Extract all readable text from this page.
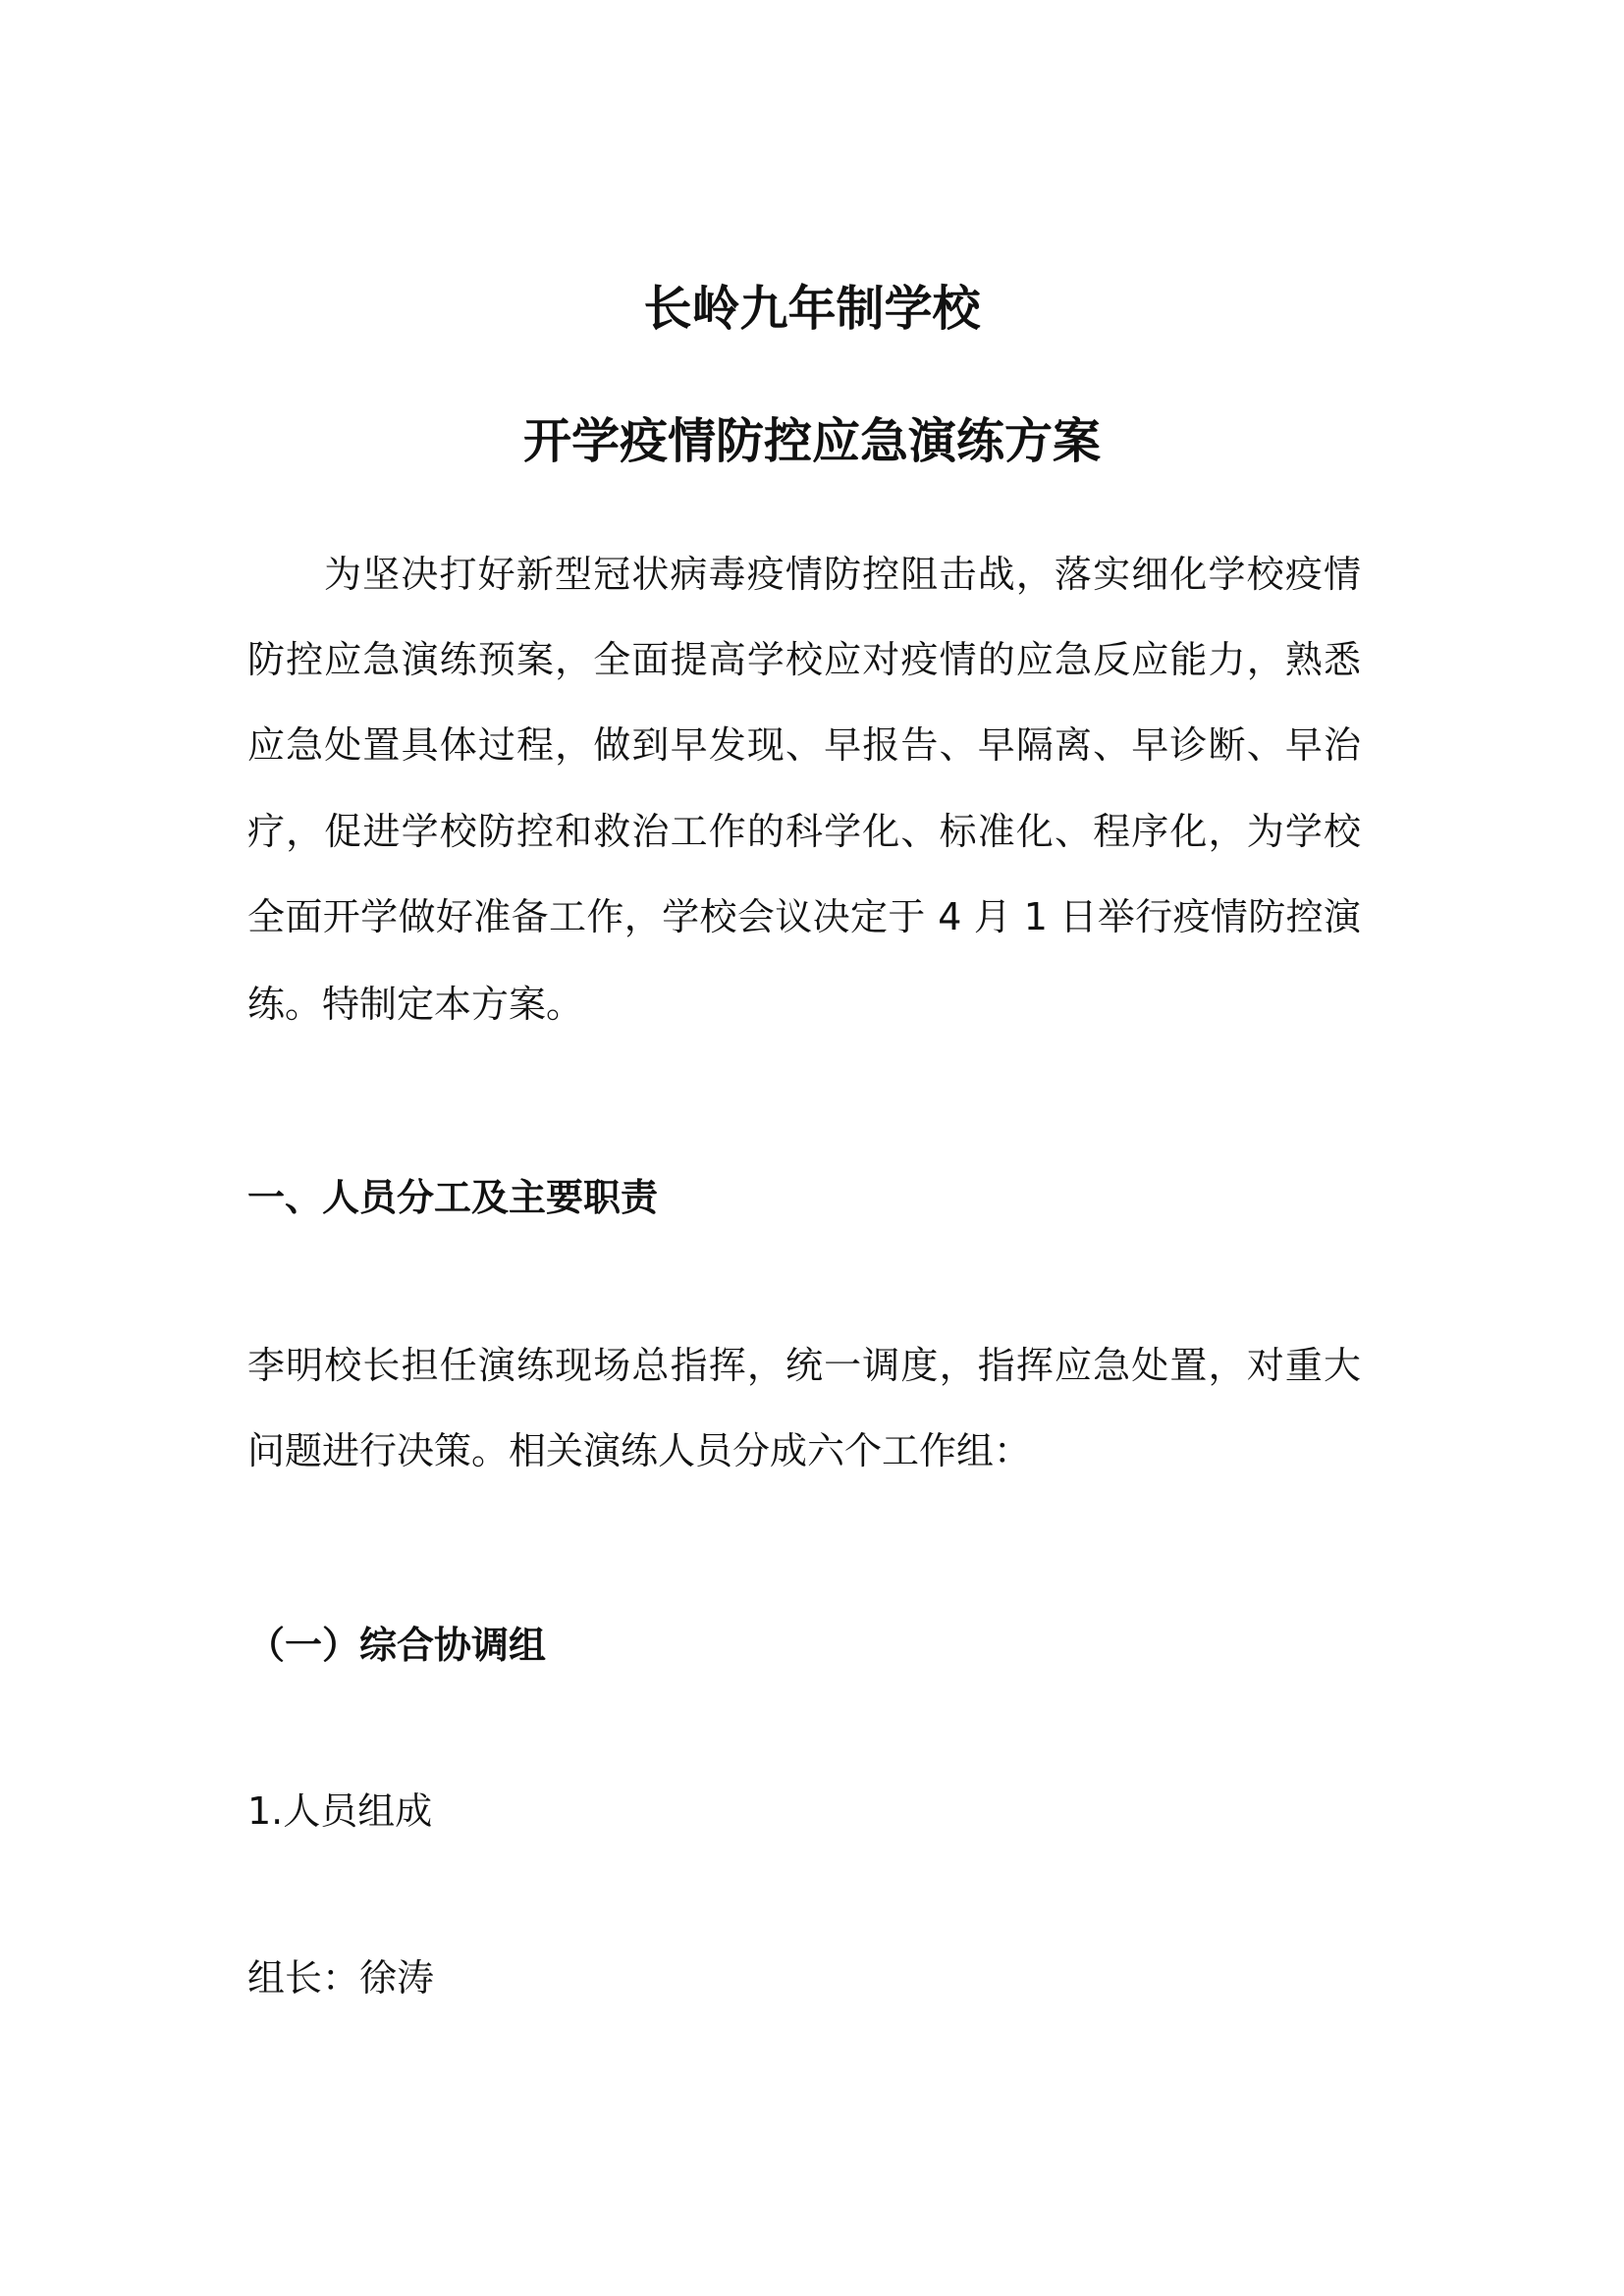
长岭九年制学校
开学疫情防控应急演练方案
为坚决打好新型冠状病毒疫情防控阻击战，落实细化学校疫情
防控应急演练预案，全面提高学校应对疫情的应急反应能力，熟悉
应急处置具体过程，做到早发现、早报告、早隔离、早诊断、早治
疗，促进学校防控和救治工作的科学化、标准化、程序化，为学校
全面开学做好准备工作，学校会议决定于 4 月 1 日举行疫情防控演
练。特制定本方案。
一、人员分工及主要职责
李明校长担任演练现场总指挥，统一调度，指挥应急处置，对重大
问题进行决策。相关演练人员分成六个工作组：
（一）综合协调组
1.人员组成
组长：徐涛
